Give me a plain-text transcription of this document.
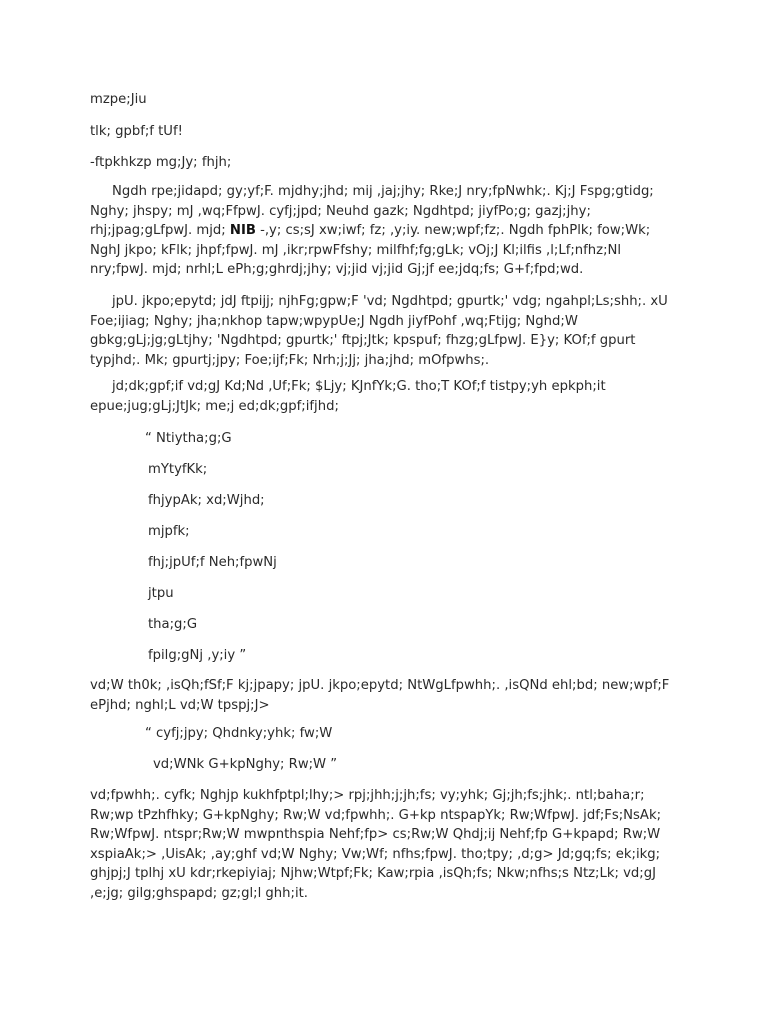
mzpe;Jiu

tlk; gpbf;f tUf!

-ftpkhkzp mg;Jy; fhjh;

Ngdh rpe;jidapd; gy;yf;F. mjdhy;jhd; mij ,jaj;jhy; Rke;J nry;fpNwhk;. Kj;J Fspg;gtidg; Nghy; jhspy; mJ ,wq;FfpwJ. cyfj;jpd; Neuhd gazk; Ngdhtpd; jiyfPo;g; gazj;jhy; rhj;jpag;gLfpwJ. mjd; NIB -,y; cs;sJ xw;iwf; fz; ,y;iy. new;wpf;fz;. Ngdh fphPlk; fow;Wk; NghJ jkpo; kFlk; jhpf;fpwJ. mJ ,ikr;rpwFfshy; milfhf;fg;gLk; vOj;J Kl;ilfis ,l;Lf;nfhz;Nl nry;fpwJ. mjd; nrhl;L ePh;g;ghrdj;jhy; vj;jid vj;jid Gj;jf ee;jdq;fs; G+f;fpd;wd.

jpU. jkpo;epytd; jdJ ftpijj; njhFg;gpw;F 'vd; Ngdhtpd; gpurtk;' vdg; ngahpl;Ls;shh;. xU Foe;ijiag; Nghy; jha;nkhop tapw;wpypUe;J Ngdh jiyfPohf ,wq;Ftijg; Nghd;W gbkg;gLj;jg;gLtjhy; 'Ngdhtpd; gpurtk;' ftpj;Jtk; kpspuf; fhzg;gLfpwJ. E}y; KOf;f gpurt typjhd;. Mk; gpurtj;jpy; Foe;ijf;Fk; Nrh;j;Jj; jha;jhd; mOfpwhs;.

jd;dk;gpf;if vd;gJ Kd;Nd ,Uf;Fk; $Ljy; KJnfYk;G. tho;T KOf;f tistpy;yh epkph;it epue;jug;gLj;JtJk; me;j ed;dk;gpf;ifjhd;

“ Ntiytha;g;G

mYtyfKk;

fhjypAk; xd;Wjhd;

mjpfk;

fhj;jpUf;f Neh;fpwNj

jtpu

tha;g;G

fpilg;gNj ,y;iy ”

vd;W th0k; ,isQh;fSf;F kj;jpapy; jpU. jkpo;epytd; NtWgLfpwhh;. ,isQNd ehl;bd; new;wpf;F ePjhd; nghl;L vd;W tpspj;J>

“ cyfj;jpy; Qhdnky;yhk; fw;W

vd;WNk G+kpNghy; Rw;W ”

vd;fpwhh;. cyfk; Nghjp kukhfptpl;lhy;> rpj;jhh;j;jh;fs; vy;yhk; Gj;jh;fs;jhk;. ntl;baha;r; Rw;wp tPzhfhky; G+kpNghy; Rw;W vd;fpwhh;. G+kp ntspapYk; Rw;WfpwJ. jdf;Fs;NsAk; Rw;WfpwJ. ntspr;Rw;W mwpnthspia Nehf;fp> cs;Rw;W Qhdj;ij Nehf;fp G+kpapd; Rw;W xspiaAk;> ,UisAk; ,ay;ghf vd;W Nghy; Vw;Wf; nfhs;fpwJ. tho;tpy; ,d;g> Jd;gq;fs; ek;ikg; ghjpj;J tplhj xU kdr;rkepiyiaj; Njhw;Wtpf;Fk; Kaw;rpia ,isQh;fs; Nkw;nfhs;s Ntz;Lk; vd;gJ ,e;jg; gilg;ghspapd; gz;gl;l ghh;it.
